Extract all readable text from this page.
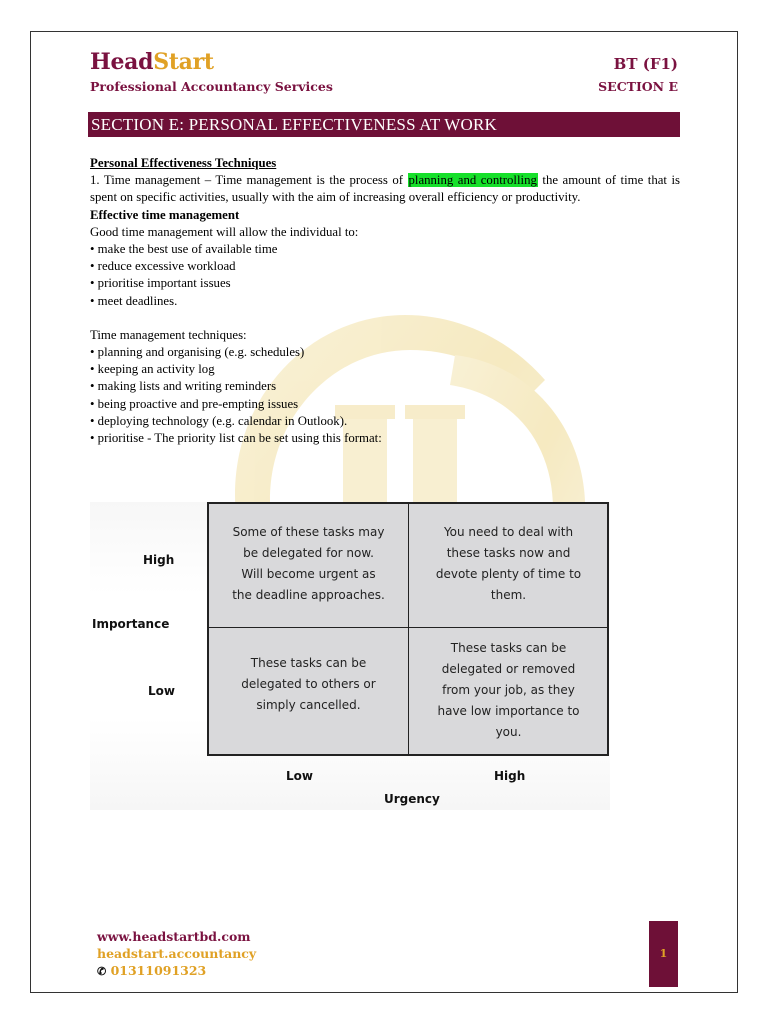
HeadStart
Professional Accountancy Services
BT (F1)
SECTION E
SECTION E: PERSONAL EFFECTIVENESS AT WORK

Personal Effectiveness Techniques

1. Time management – Time management is the process of planning and controlling the amount of time that is spent on specific activities, usually with the aim of increasing overall efficiency or productivity.

Effective time management

Good time management will allow the individual to:

• make the best use of available time

• reduce excessive workload

• prioritise important issues

• meet deadlines.

Time management techniques:

• planning and organising (e.g. schedules)

• keeping an activity log

• making lists and writing reminders

• being proactive and pre-empting issues

• deploying technology (e.g. calendar in Outlook).

• prioritise - The priority list can be set using this format:

High
Importance
Low
Some of these tasks may
be delegated for now.
Will become urgent as
the deadline approaches.
You need to deal with
these tasks now and
devote plenty of time to
them.
These tasks can be
delegated to others or
simply cancelled.
These tasks can be
delegated or removed
from your job, as they
have low importance to
you.
Low	High
Urgency
www.headstartbd.com
headstart.accountancy
✆ 01311091323
1
